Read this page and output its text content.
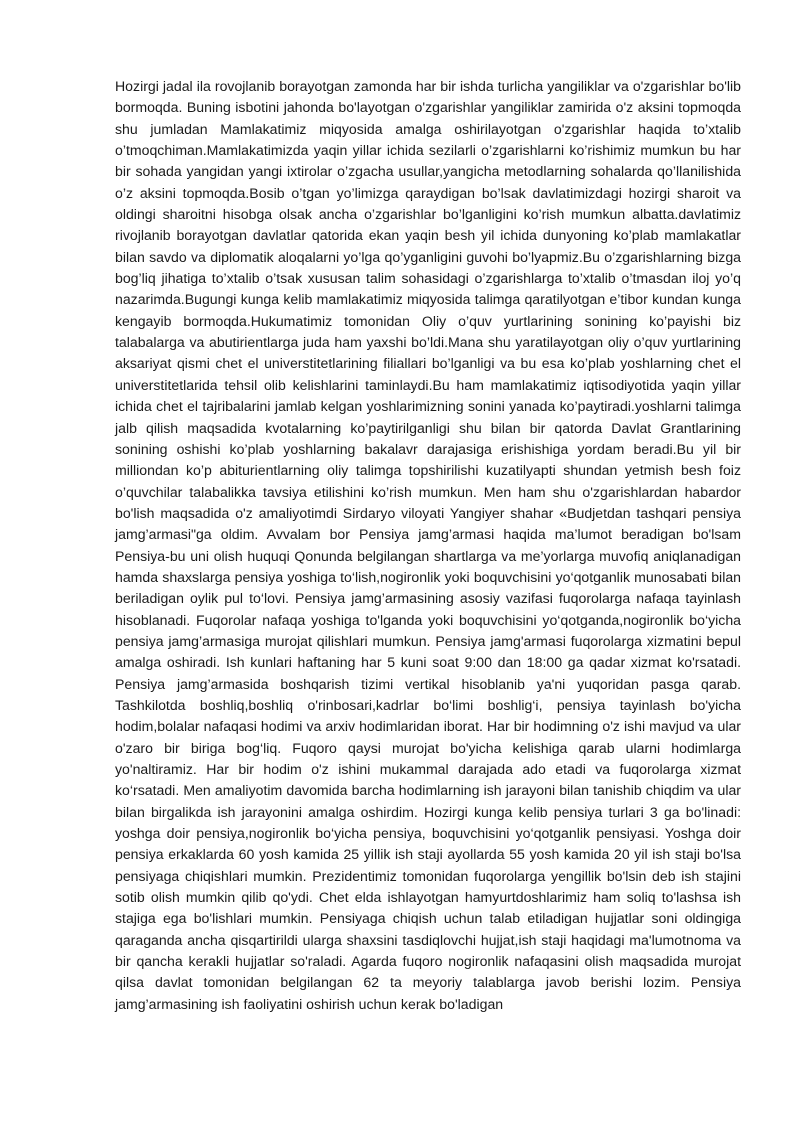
Hozirgi jadal ila rovojlanib borayotgan zamonda har bir ishda turlicha yangiliklar va o'zgarishlar bo'lib bormoqda. Buning isbotini jahonda bo'layotgan o'zgarishlar yangiliklar zamirida o'z aksini topmoqda shu jumladan Mamlakatimiz miqyosida amalga oshirilayotgan o'zgarishlar haqida to’xtalib o’tmoqchiman.Mamlakatimizda yaqin yillar ichida sezilarli o’zgarishlarni ko’rishimiz mumkun bu har bir sohada yangidan yangi ixtirolar o’zgacha usullar,yangicha metodlarning sohalarda qo’llanilishida o’z aksini topmoqda.Bosib o’tgan yo’limizga qaraydigan bo’lsak davlatimizdagi hozirgi sharoit va oldingi sharoitni hisobga olsak ancha o’zgarishlar bo’lganligini ko’rish mumkun albatta.davlatimiz rivojlanib borayotgan davlatlar qatorida ekan yaqin besh yil ichida dunyoning ko’plab mamlakatlar bilan savdo va diplomatik aloqalarni yo’lga qo’yganligini guvohi bo’lyapmiz.Bu o’zgarishlarning bizga bog’liq jihatiga to’xtalib o’tsak xususan talim sohasidagi o’zgarishlarga to’xtalib o’tmasdan iloj yo’q nazarimda.Bugungi kunga kelib mamlakatimiz miqyosida talimga qaratilyotgan e’tibor kundan kunga kengayib bormoqda.Hukumatimiz tomonidan Oliy o’quv yurtlarining sonining ko’payishi biz talabalarga va abutirientlarga juda ham yaxshi bo’ldi.Mana shu yaratilayotgan oliy o’quv yurtlarining aksariyat qismi chet el universtitetlarining filiallari bo’lganligi va bu esa ko’plab yoshlarning chet el universtitetlarida tehsil olib kelishlarini taminlaydi.Bu ham mamlakatimiz iqtisodiyotida yaqin yillar ichida chet el tajribalarini jamlab kelgan yoshlarimizning sonini yanada ko’paytiradi.yoshlarni talimga jalb qilish maqsadida kvotalarning ko’paytirilganligi shu bilan bir qatorda Davlat Grantlarining sonining oshishi ko’plab yoshlarning bakalavr darajasiga erishishiga yordam beradi.Bu yil bir milliondan ko’p abiturientlarning oliy talimga topshirilishi kuzatilyapti shundan yetmish besh foiz o’quvchilar talabalikka tavsiya etilishini ko’rish mumkun. Men ham shu o'zgarishlardan habardor bo'lish maqsadida o'z amaliyotimdi Sirdaryo viloyati Yangiyer shahar «Budjetdan tashqari pensiya jamg’armasi"ga oldim. Avvalam bor Pensiya jamg’armasi haqida ma’lumot beradigan bo'lsam Pensiya-bu uni olish huquqi Qonunda belgilangan shartlarga va me’yorlarga muvofiq aniqlanadigan hamda shaxslarga pensiya yoshiga to‘lish,nogironlik yoki boquvchisini yo‘qotganlik munosabati bilan beriladigan oylik pul to‘lovi. Pensiya jamg’armasining asosiy vazifasi fuqorolarga nafaqa tayinlash hisoblanadi. Fuqorolar nafaqa yoshiga to'lganda yoki boquvchisini yo‘qotganda,nogironlik bo‘yicha pensiya jamg’armasiga murojat qilishlari mumkun. Pensiya jamg'armasi fuqorolarga xizmatini bepul amalga oshiradi. Ish kunlari haftaning har 5 kuni soat 9:00 dan 18:00 ga qadar xizmat ko'rsatadi. Pensiya jamg’armasida boshqarish tizimi vertikal hisoblanib ya'ni yuqoridan pasga qarab. Tashkilotda boshliq,boshliq o'rinbosari,kadrlar bo‘limi boshlig‘i, pensiya tayinlash bo'yicha hodim,bolalar nafaqasi hodimi va arxiv hodimlaridan iborat. Har bir hodimning o'z ishi mavjud va ular o'zaro bir biriga bog‘liq. Fuqoro qaysi murojat bo'yicha kelishiga qarab ularni hodimlarga yo'naltiramiz. Har bir hodim o'z ishini mukammal darajada ado etadi va fuqorolarga xizmat ko‘rsatadi. Men amaliyotim davomida barcha hodimlarning ish jarayoni bilan tanishib chiqdim va ular bilan birgalikda ish jarayonini amalga oshirdim. Hozirgi kunga kelib pensiya turlari 3 ga bo'linadi: yoshga doir pensiya,nogironlik bo‘yicha pensiya, boquvchisini yo‘qotganlik pensiyasi. Yoshga doir pensiya erkaklarda 60 yosh kamida 25 yillik ish staji ayollarda 55 yosh kamida 20 yil ish staji bo'lsa pensiyaga chiqishlari mumkin. Prezidentimiz tomonidan fuqorolarga yengillik bo'lsin deb ish stajini sotib olish mumkin qilib qo'ydi. Chet elda ishlayotgan hamyurtdoshlarimiz ham soliq to'lashsa ish stajiga ega bo'lishlari mumkin. Pensiyaga chiqish uchun talab etiladigan hujjatlar soni oldingiga qaraganda ancha qisqartirildi ularga shaxsini tasdiqlovchi hujjat,ish staji haqidagi ma'lumotnoma va bir qancha kerakli hujjatlar so'raladi. Agarda fuqoro nogironlik nafaqasini olish maqsadida murojat qilsa davlat tomonidan belgilangan 62 ta meyoriy talablarga javob berishi lozim. Pensiya jamg’armasining ish faoliyatini oshirish uchun kerak bo'ladigan
